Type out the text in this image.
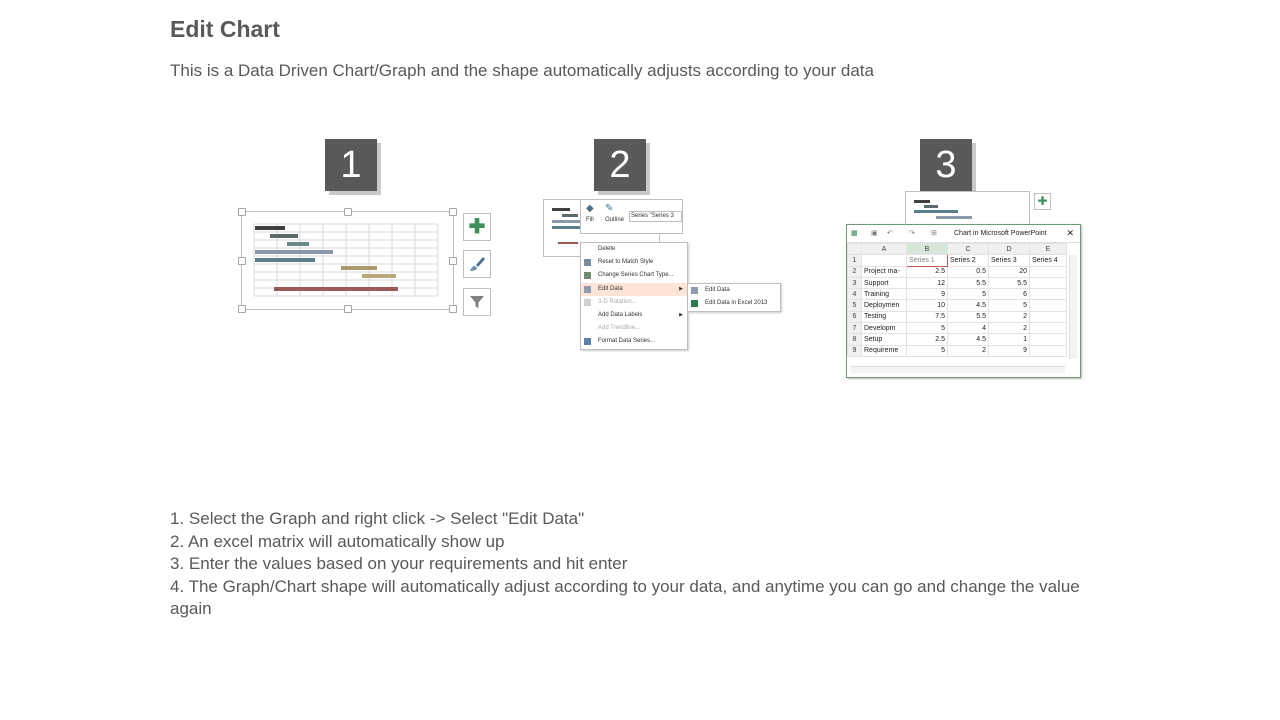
Edit Chart
This is a Data Driven Chart/Graph and the shape automatically adjusts according to your data
1	2	3
✚
◆
Fill
✎
Outline
Series "Series 3
Delete
Reset to Match Style
Change Series Chart Type...
Edit Data	▶
3-D Rotation...
Add Data Labels	▶
Add Trendline...
Format Data Series...
Edit Data
Edit Data in Excel 2013
✚
▦ ▣ ↶ ↷ ⊞ Chart in Microsoft PowerPoint ✕
	A	B	C	D	E
1		Series 1	Series 2	Series 3	Series 4
2	Project ma-	2.5	0.5	20	
3	Support	12	5.5	5.5	
4	Training	9	5	6	
5	Deploymen	10	4.5	5	
6	Testing	7.5	5.5	2	
7	Developm	5	4	2	
8	Setup	2.5	4.5	1	
9	Requireme	5	2	9	
1. Select the Graph and right click -> Select "Edit Data"
2. An excel matrix will automatically show up
3. Enter the values based on your requirements and hit enter
4. The Graph/Chart shape will automatically adjust according to your data, and anytime you can go and change the value again
